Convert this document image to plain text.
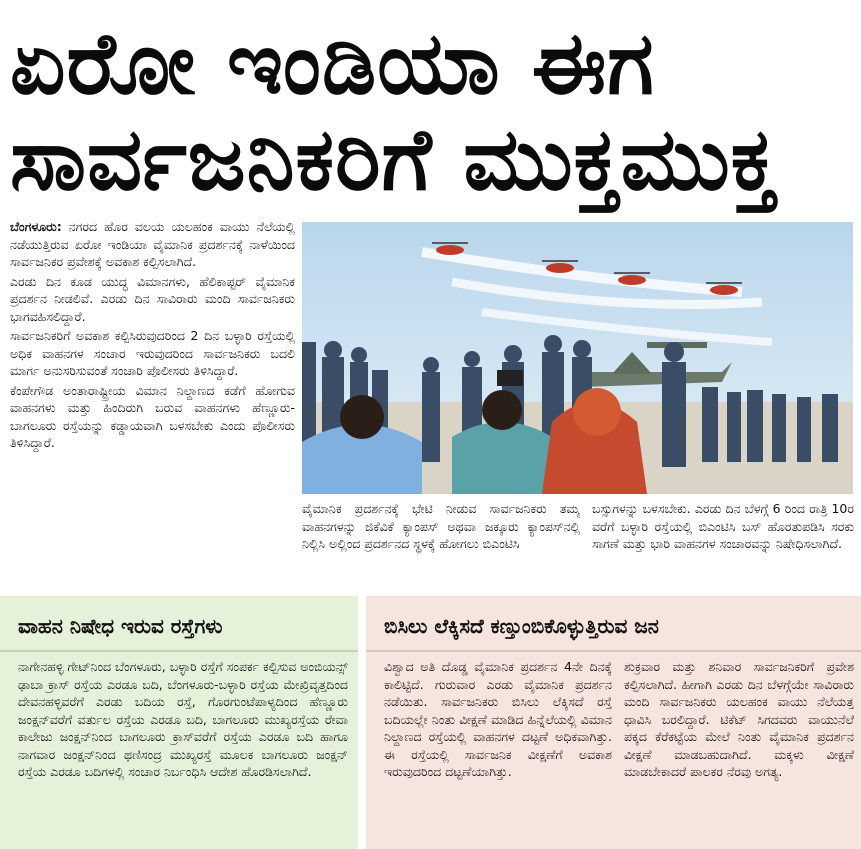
ಏರೋ ಇಂಡಿಯಾ ಈಗ
ಸಾರ್ವಜನಿಕರಿಗೆ ಮುಕ್ತಮುಕ್ತ

ಬೆಂಗಳೂರು: ನಗರದ ಹೊರ ವಲಯ ಯಲಹಂಕ ವಾಯು ನೆಲೆಯಲ್ಲಿ ನಡೆಯುತ್ತಿರುವ ಏರೋ ಇಂಡಿಯಾ ವೈಮಾನಿಕ ಪ್ರದರ್ಶನಕ್ಕೆ ನಾಳೆಯಿಂದ ಸಾರ್ವಜನಿಕರ ಪ್ರವೇಶಕ್ಕೆ ಅವಕಾಶ ಕಲ್ಪಿಸಲಾಗಿದೆ.

ಎರಡು ದಿನ ಕೂಡ ಯುದ್ಧ ವಿಮಾನಗಳು, ಹೆಲಿಕಾಪ್ಟರ್ ವೈಮಾನಿಕ ಪ್ರದರ್ಶನ ನೀಡಲಿವೆ. ಎರಡು ದಿನ ಸಾವಿರಾರು ಮಂದಿ ಸಾರ್ವಜನಿಕರು ಭಾಗವಹಿಸಲಿದ್ದಾರೆ.

ಸಾರ್ವಜನಿಕರಿಗೆ ಅವಕಾಶ ಕಲ್ಪಿಸಿರುವುದರಿಂದ 2 ದಿನ ಬಳ್ಳಾರಿ ರಸ್ತೆಯಲ್ಲಿ ಅಧಿಕ ವಾಹನಗಳ ಸಂಚಾರ ಇರುವುದರಿಂದ ಸಾರ್ವಜನಿಕರು ಬದಲಿ ಮಾರ್ಗ ಅನುಸರಿಸುವಂತೆ ಸಂಚಾರಿ ಪೊಲೀಸರು ತಿಳಿಸಿದ್ದಾರೆ.

ಕೆಂಪೇಗೌಡ ಅಂತಾರಾಷ್ಟ್ರೀಯ ವಿಮಾನ ನಿಲ್ದಾಣದ ಕಡೆಗೆ ಹೋಗುವ ವಾಹನಗಳು ಮತ್ತು ಹಿಂದಿರುಗಿ ಬರುವ ವಾಹನಗಳು ಹೆಣ್ಣೂರು-ಬಾಗಲೂರು ರಸ್ತೆಯನ್ನು ಕಡ್ಡಾಯವಾಗಿ ಬಳಸಬೇಕು ಎಂದು ಪೊಲೀಸರು ತಿಳಿಸಿದ್ದಾರೆ.

ವೈಮಾನಿಕ ಪ್ರದರ್ಶನಕ್ಕೆ ಭೇಟಿ ನೀಡುವ ಸಾರ್ವಜನಿಕರು ತಮ್ಮ ವಾಹನಗಳನ್ನು ಜಿಕೆವಿಕೆ ಕ್ಯಾಂಪಸ್ ಅಥವಾ ಜಕ್ಕೂರು ಕ್ಯಾಂಪಸ್‌ನಲ್ಲಿ ನಿಲ್ಲಿಸಿ ಅಲ್ಲಿಂದ ಪ್ರದರ್ಶನದ ಸ್ಥಳಕ್ಕೆ ಹೋಗಲು ಬಿಎಂಟಿಸಿ

ಬಸ್ಸುಗಳನ್ನು ಬಳಸಬೇಕು. ಎರಡು ದಿನ ಬೆಳಗ್ಗೆ 6 ರಿಂದ ರಾತ್ರಿ 10ರ ವರೆಗೆ ಬಳ್ಳಾರಿ ರಸ್ತೆಯಲ್ಲಿ ಬಿಎಂಟಿಸಿ ಬಸ್ ಹೊರತುಪಡಿಸಿ ಸರಕು ಸಾಗಣೆ ಮತ್ತು ಭಾರಿ ವಾಹನಗಳ ಸಂಚಾರವನ್ನು ನಿಷೇಧಿಸಲಾಗಿದೆ.

ವಾಹನ ನಿಷೇಧ ಇರುವ ರಸ್ತೆಗಳು
ನಾಗೇನಹಳ್ಳಿ ಗೇಟ್‌ನಿಂದ ಬೆಂಗಳೂರು, ಬಳ್ಳಾರಿ ರಸ್ತೆಗೆ ಸಂಪರ್ಕ ಕಲ್ಪಿಸುವ ಅಂಬಿಯನ್ಸ್ ಢಾಬಾ ಕ್ರಾಸ್ ರಸ್ತೆಯ ಎರಡೂ ಬದಿ, ಬೆಂಗಳೂರು-ಬಳ್ಳಾರಿ ರಸ್ತೆಯ ಮೇಖ್ರಿವೃತ್ತದಿಂದ ದೇವನಹಳ್ಳಿವರೆಗೆ ಎರಡು ಬದಿಯ ರಸ್ತೆ, ಗೊರಗುಂಟೆಪಾಳ್ಯದಿಂದ ಹೆಣ್ಣೂರು ಜಂಕ್ಷನ್‌ವರೆಗೆ ವರ್ತುಲ ರಸ್ತೆಯ ಎರಡೂ ಬದಿ, ಬಾಗಲೂರು ಮುಖ್ಯರಸ್ತೆಯ ರೇವಾ ಕಾಲೇಜು ಜಂಕ್ಷನ್‌ನಿಂದ ಬಾಗಲೂರು ಕ್ರಾಸ್‌ವರೆಗೆ ರಸ್ತೆಯ ಎರಡೂ ಬದಿ ಹಾಗೂ ನಾಗವಾರ ಜಂಕ್ಷನ್‌ನಿಂದ ಥಣಿಸಂದ್ರ ಮುಖ್ಯರಸ್ತೆ ಮೂಲಕ ಬಾಗಲೂರು ಜಂಕ್ಷನ್ ರಸ್ತೆಯ ಎರಡೂ ಬದಿಗಳಲ್ಲಿ ಸಂಚಾರ ನಿರ್ಬಂಧಿಸಿ ಆದೇಶ ಹೊರಡಿಸಲಾಗಿದೆ.
ಬಿಸಿಲು ಲೆಕ್ಕಿಸದೆ ಕಣ್ತುಂಬಿಕೊಳ್ಳುತ್ತಿರುವ ಜನ
ವಿಶ್ವಾದ ಅತಿ ದೊಡ್ಡ ವೈಮಾನಿಕ ಪ್ರದರ್ಶನ 4ನೇ ದಿನಕ್ಕೆ ಕಾಲಿಟ್ಟಿದೆ. ಗುರುವಾರ ಎರಡು ವೈಮಾನಿಕ ಪ್ರದರ್ಶನ ನಡೆಯಿತು. ಸಾರ್ವಜನಿಕರು ಬಿಸಿಲು ಲೆಕ್ಕಿಸದೆ ರಸ್ತೆ ಬದಿಯಲ್ಲೇ ನಿಂತು ವೀಕ್ಷಣೆ ಮಾಡಿದ ಹಿನ್ನೆಲೆಯಲ್ಲಿ ವಿಮಾನ ನಿಲ್ದಾಣದ ರಸ್ತೆಯಲ್ಲಿ ವಾಹನಗಳ ದಟ್ಟಣೆ ಅಧಿಕವಾಗಿತ್ತು. ಈ ರಸ್ತೆಯಲ್ಲಿ ಸಾರ್ವಜನಿಕ ವೀಕ್ಷಣೆಗೆ ಅವಕಾಶ ಇರುವುದರಿಂದ ದಟ್ಟಣೆಯಾಗಿತ್ತು.
ಶುಕ್ರವಾರ ಮತ್ತು ಶನಿವಾರ ಸಾರ್ವಜನಿಕರಿಗೆ ಪ್ರವೇಶ ಕಲ್ಪಿಸಲಾಗಿದೆ. ಹೀಗಾಗಿ ಎರಡು ದಿನ ಬೆಳಗ್ಗೆಯೇ ಸಾವಿರಾರು ಮಂದಿ ಸಾರ್ವಜನಿಕರು ಯಲಹಂಕ ವಾಯು ನೆಲೆಯತ್ತ ಧಾವಿಸಿ ಬರಲಿದ್ದಾರೆ. ಟಿಕೆಟ್ ಸಿಗದವರು ವಾಯುನೆಲೆ ಪಕ್ಕದ ಕೆರೆಕಟ್ಟೆಯ ಮೇಲೆ ನಿಂತು ವೈಮಾನಿಕ ಪ್ರದರ್ಶನ ವೀಕ್ಷಣೆ ಮಾಡಬಹುದಾಗಿದೆ. ಮಕ್ಕಳು ವೀಕ್ಷಣೆ ಮಾಡಬೇಕಾದರೆ ಪಾಲಕರ ನೆರವು ಅಗತ್ಯ.
